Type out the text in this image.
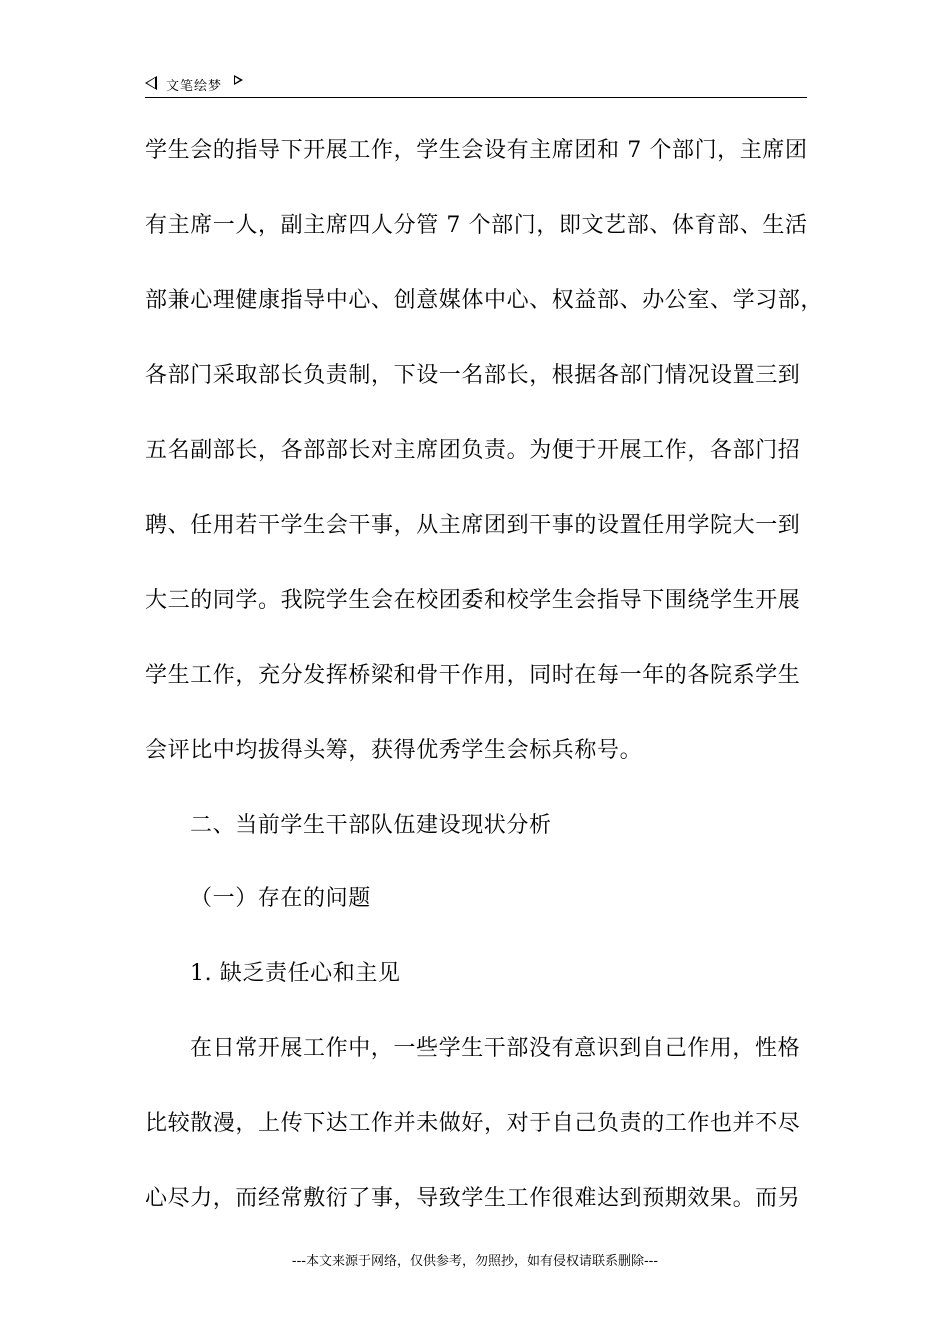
文笔绘梦
学生会的指导下开展工作，学生会设有主席团和 7 个部门，主席团
有主席一人，副主席四人分管 7 个部门，即文艺部、体育部、生活
部兼心理健康指导中心、创意媒体中心、权益部、办公室、学习部，
各部门采取部长负责制，下设一名部长，根据各部门情况设置三到
五名副部长，各部部长对主席团负责。为便于开展工作，各部门招
聘、任用若干学生会干事，从主席团到干事的设置任用学院大一到
大三的同学。我院学生会在校团委和校学生会指导下围绕学生开展
学生工作，充分发挥桥梁和骨干作用，同时在每一年的各院系学生
会评比中均拔得头筹，获得优秀学生会标兵称号。
二、当前学生干部队伍建设现状分析
（一）存在的问题
1. 缺乏责任心和主见
在日常开展工作中，一些学生干部没有意识到自己作用，性格
比较散漫，上传下达工作并未做好，对于自己负责的工作也并不尽
心尽力，而经常敷衍了事，导致学生工作很难达到预期效果。而另
---本文来源于网络，仅供参考，勿照抄，如有侵权请联系删除---
